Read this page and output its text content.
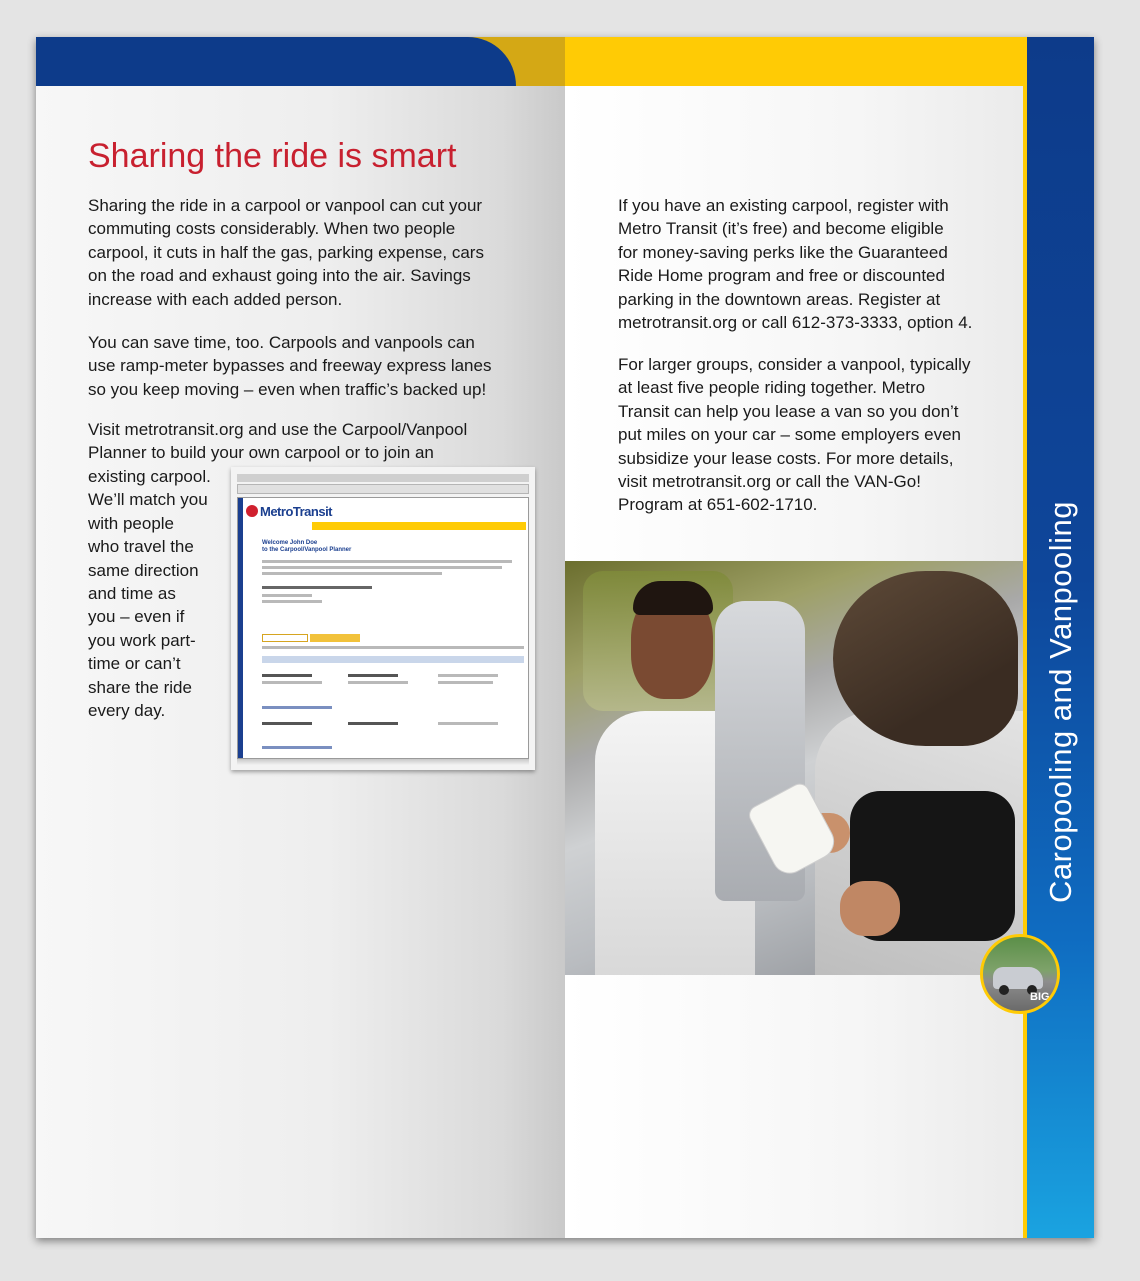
Caropooling and Vanpooling
Sharing the ride is smart

Sharing the ride in a carpool or vanpool can cut your
commuting costs considerably. When two people
carpool, it cuts in half the gas, parking expense, cars
on the road and exhaust going into the air. Savings
increase with each added person.

You can save time, too. Carpools and vanpools can
use ramp-meter bypasses and freeway express lanes
so you keep moving – even when traffic’s backed up!

Visit metrotransit.org and use the Carpool/Vanpool
Planner to build your own carpool or to join an

existing carpool.
We’ll match you
with people
who travel the
same direction
and time as
you – even if
you work part-
time or can’t
share the ride
every day.

MetroTransit
Welcome John Doe
to the Carpool/Vanpool Planner

If you have an existing carpool, register with
Metro Transit (it’s free) and become eligible
for money-saving perks like the Guaranteed
Ride Home program and free or discounted
parking in the downtown areas. Register at
metrotransit.org or call 612-373-3333, option 4.

For larger groups, consider a vanpool, typically
at least five people riding together. Metro
Transit can help you lease a van so you don’t
put miles on your car – some employers even
subsidize your lease costs. For more details,
visit metrotransit.org or call the VAN-Go!
Program at 651-602-1710.

BIG
